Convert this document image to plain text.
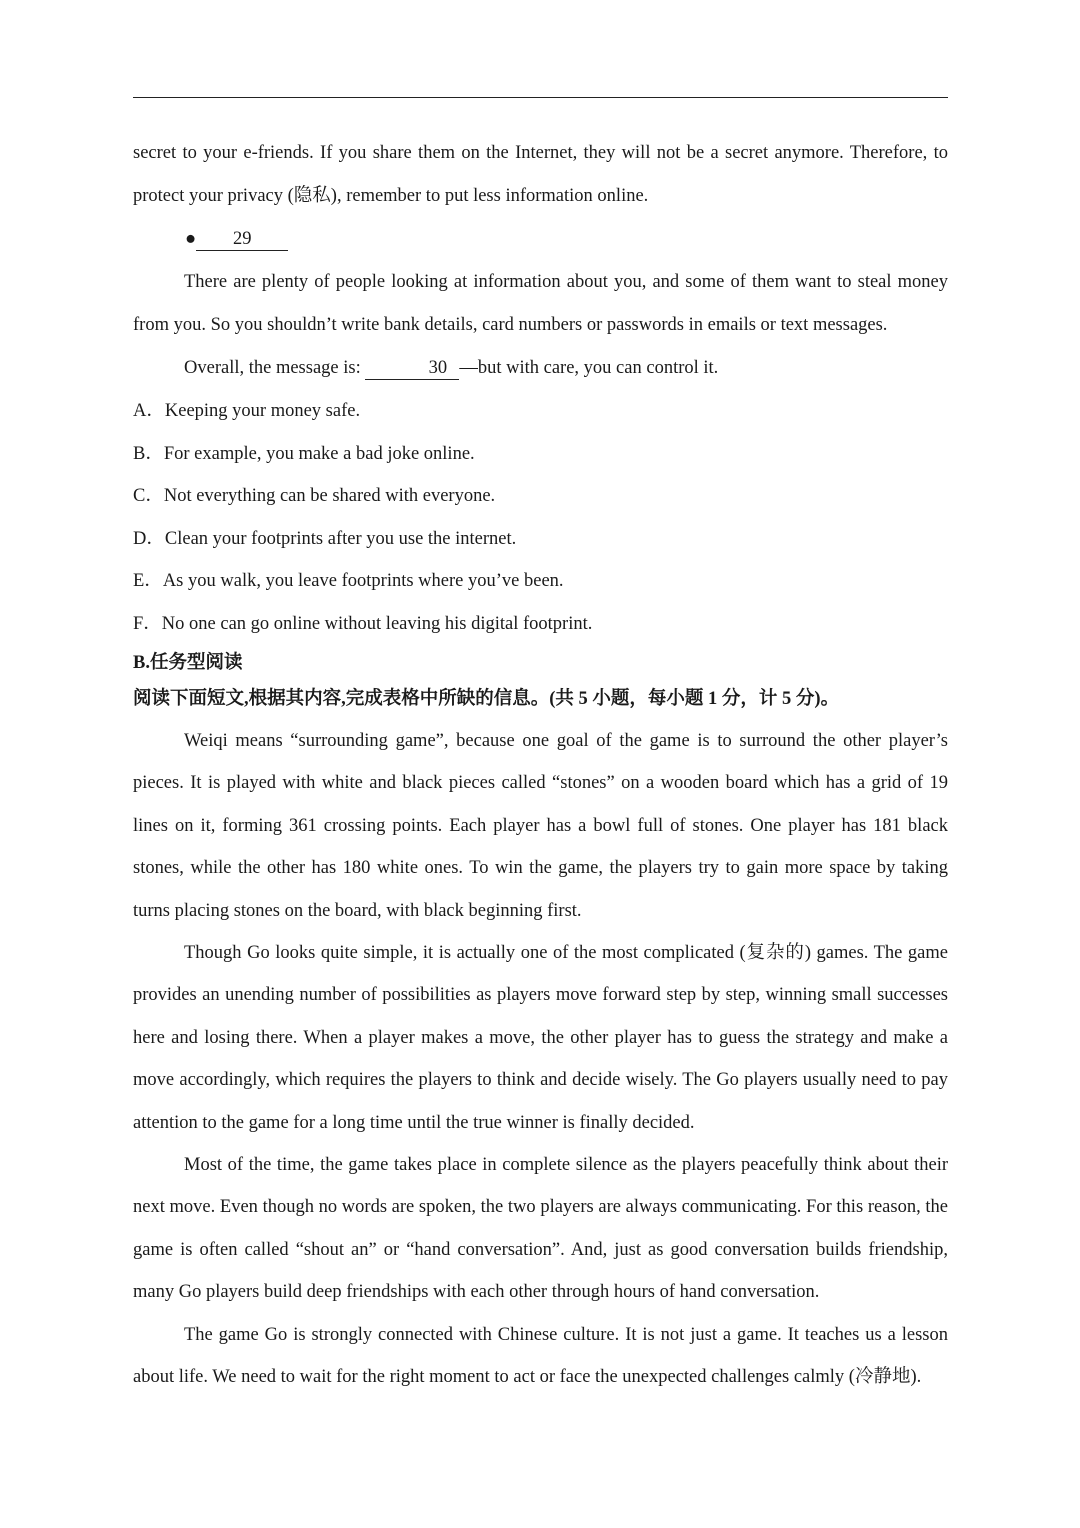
secret to your e-friends. If you share them on the Internet, they will not be a secret anymore. Therefore, to protect your privacy (隐私), remember to put less information online.

● 29

There are plenty of people looking at information about you, and some of them want to steal money from you. So you shouldn’t write bank details, card numbers or passwords in emails or text messages.

Overall, the message is:	30 —but with care, you can control it.

A．Keeping your money safe.

B．For example, you make a bad joke online.

C．Not everything can be shared with everyone.

D．Clean your footprints after you use the internet.

E．As you walk, you leave footprints where you’ve been.

F．No one can go online without leaving his digital footprint.

B.任务型阅读

阅读下面短文,根据其内容,完成表格中所缺的信息。(共 5 小题，每小题 1 分，计 5 分)。

Weiqi means “surrounding game”, because one goal of the game is to surround the other player’s pieces. It is played with white and black pieces called “stones” on a wooden board which has a grid of 19 lines on it, forming 361 crossing points. Each player has a bowl full of stones. One player has 181 black stones, while the other has 180 white ones. To win the game, the players try to gain more space by taking turns placing stones on the board, with black beginning first.

Though Go looks quite simple, it is actually one of the most complicated (复杂的) games. The game provides an unending number of possibilities as players move forward step by step, winning small successes here and losing there. When a player makes a move, the other player has to guess the strategy and make a move accordingly, which requires the players to think and decide wisely. The Go players usually need to pay attention to the game for a long time until the true winner is finally decided.

Most of the time, the game takes place in complete silence as the players peacefully think about their next move. Even though no words are spoken, the two players are always communicating. For this reason, the game is often called “shout an” or “hand conversation”. And, just as good conversation builds friendship, many Go players build deep friendships with each other through hours of hand conversation.

The game Go is strongly connected with Chinese culture. It is not just a game. It teaches us a lesson about life. We need to wait for the right moment to act or face the unexpected challenges calmly (冷静地).
